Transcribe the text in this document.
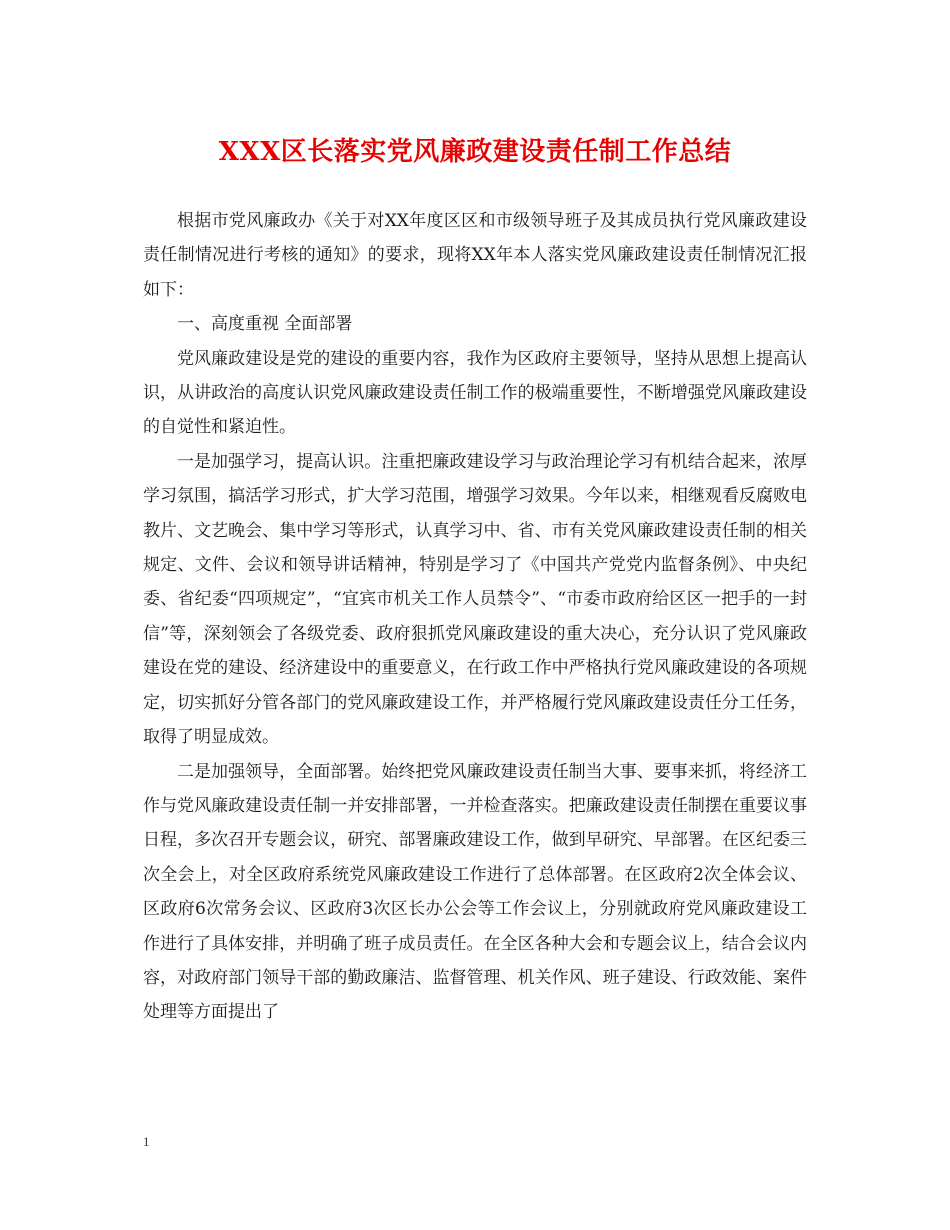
XXX区长落实党风廉政建设责任制工作总结

根据市党风廉政办《关于对XX年度区区和市级领导班子及其成员执行党风廉政建设责任制情况进行考核的通知》的要求，现将XX年本人落实党风廉政建设责任制情况汇报如下：

一、高度重视 全面部署

党风廉政建设是党的建设的重要内容，我作为区政府主要领导，坚持从思想上提高认识，从讲政治的高度认识党风廉政建设责任制工作的极端重要性，不断增强党风廉政建设的自觉性和紧迫性。

一是加强学习，提高认识。注重把廉政建设学习与政治理论学习有机结合起来，浓厚学习氛围，搞活学习形式，扩大学习范围，增强学习效果。今年以来，相继观看反腐败电教片、文艺晚会、集中学习等形式，认真学习中、省、市有关党风廉政建设责任制的相关规定、文件、会议和领导讲话精神，特别是学习了《中国共产党党内监督条例》、中央纪委、省纪委“四项规定”，“宜宾市机关工作人员禁令”、“市委市政府给区区一把手的一封信”等，深刻领会了各级党委、政府狠抓党风廉政建设的重大决心，充分认识了党风廉政建设在党的建设、经济建设中的重要意义，在行政工作中严格执行党风廉政建设的各项规定，切实抓好分管各部门的党风廉政建设工作，并严格履行党风廉政建设责任分工任务，取得了明显成效。

二是加强领导，全面部署。始终把党风廉政建设责任制当大事、要事来抓，将经济工作与党风廉政建设责任制一并安排部署，一并检查落实。把廉政建设责任制摆在重要议事日程，多次召开专题会议，研究、部署廉政建设工作，做到早研究、早部署。在区纪委三次全会上，对全区政府系统党风廉政建设工作进行了总体部署。在区政府2次全体会议、区政府6次常务会议、区政府3次区长办公会等工作会议上，分别就政府党风廉政建设工作进行了具体安排，并明确了班子成员责任。在全区各种大会和专题会议上，结合会议内容，对政府部门领导干部的勤政廉洁、监督管理、机关作风、班子建设、行政效能、案件处理等方面提出了

1
